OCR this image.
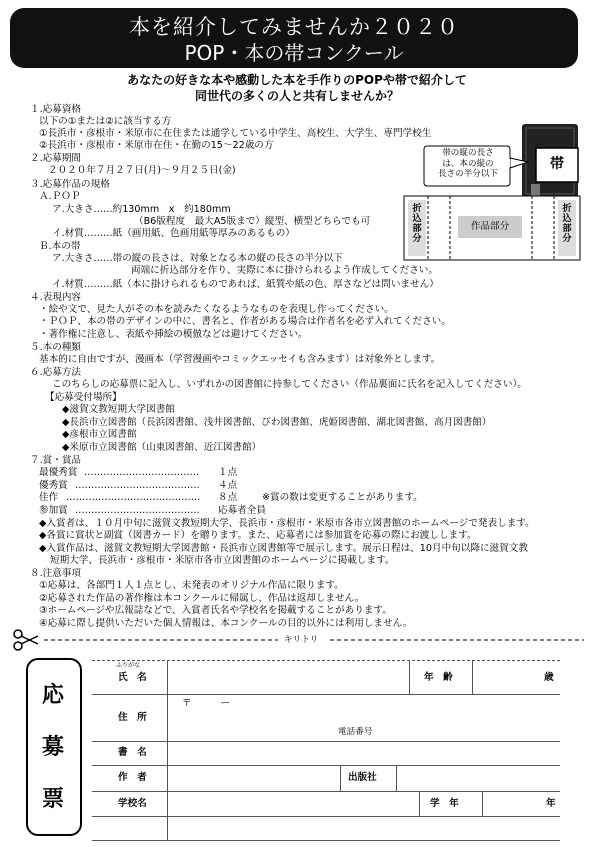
本を紹介してみませんか２０２０
POP・本の帯コンクール
あなたの好きな本や感動した本を手作りのPOPや帯で紹介して
同世代の多くの人と共有しませんか？
１.応募資格
以下の①または②に該当する方
①長浜市・彦根市・米原市に在住または通学している中学生、高校生、大学生、専門学校生
②長浜市・彦根市・米原市在住・在勤の15～22歳の方
２.応募期間
２０２０年７月２７日(月)～９月２５日(金)
３.応募作品の規格
Ａ.ＰＯＰ
ア.大きさ……約130mm　x　約180mm
（B6版程度　最大A5版まで）縦型、横型どちらでも可
イ.材質………紙（画用紙、色画用紙等厚みのあるもの）
Ｂ.本の帯
ア.大きさ……帯の縦の長さは、対象となる本の縦の長さの半分以下
両端に折込部分を作り、実際に本に掛けられるよう作成してください。
イ.材質………紙（本に掛けられるものであれば、紙質や紙の色、厚さなどは問いません）
４.表現内容
・絵や文で、見た人がその本を読みたくなるようなものを表現し作ってください。
・ＰＯＰ、本の帯のデザインの中に、書名と、作者がある場合は作者名を必ず入れてください。
・著作権に注意し、表紙や挿絵の模倣などは避けてください。
５.本の種類
基本的に自由ですが、漫画本（学習漫画やコミックエッセイも含みます）は対象外とします。
６.応募方法
このちらしの応募票に記入し、いずれかの図書館に持参してください（作品裏面に氏名を記入してください）。
【応募受付場所】
◆滋賀文教短期大学図書館
◆長浜市立図書館（長浜図書館、浅井図書館、びわ図書館、虎姫図書館、湖北図書館、高月図書館）
◆彦根市立図書館
◆米原市立図書館（山東図書館、近江図書館）
７.賞・賞品
最優秀賞 ……………………………… １点
優秀賞 ………………………………… ４点
佳作 …………………………………… ８点	※賞の数は変更することがあります。
参加賞 ………………………………… 応募者全員
◆入賞者は、１０月中旬に滋賀文教短期大学、長浜市・彦根市・米原市各市立図書館のホームページで発表します。
◆各賞に賞状と副賞（図書カード）を贈ります。また、応募者には参加賞を応募の際にお渡しします。
◆入賞作品は、滋賀文教短期大学図書館・長浜市立図書館等で展示します。展示日程は、10月中旬以降に滋賀文教
短期大学、長浜市・彦根市・米原市各市立図書館のホームページに掲載します。
８.注意事項
①応募は、各部門１人１点とし、未発表のオリジナル作品に限ります。
②応募された作品の著作権は本コンクールに帰属し、作品は返却しません。
③ホームページや広報誌などで、入賞者氏名や学校名を掲載することがあります。
④応募に際し提供いただいた個人情報は、本コンクールの目的以外には利用しません。
帯の縦の長さ
は、本の縦の
長さの半分以下
帯
折
込
部
分
折
込
部
分
作品部分
キリトリ
応
募
票
ふりがな
氏　名	年　齢	歳
住　所
〒　　　ー
電話番号
書　名
作　者	出版社
学校名	学　年	年
